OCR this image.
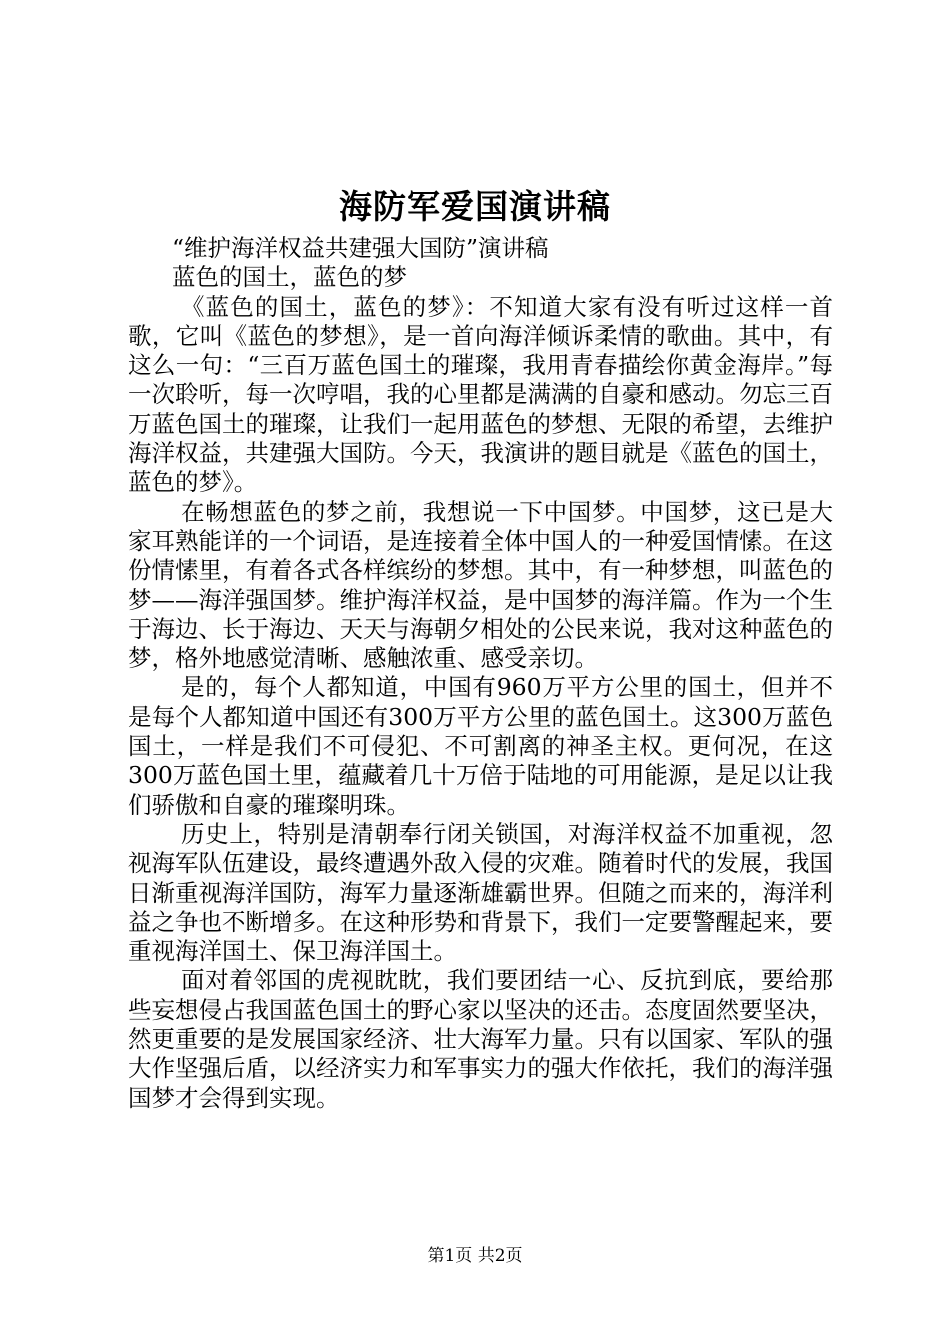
海防军爱国演讲稿

“维护海洋权益共建强大国防”演讲稿

蓝色的国土，蓝色的梦

《蓝色的国土，蓝色的梦》：不知道大家有没有听过这样一首歌，它叫《蓝色的梦想》，是一首向海洋倾诉柔情的歌曲。其中，有这么一句：“三百万蓝色国土的璀璨，我用青春描绘你黄金海岸。”每一次聆听，每一次哼唱，我的心里都是满满的自豪和感动。勿忘三百万蓝色国土的璀璨，让我们一起用蓝色的梦想、无限的希望，去维护海洋权益，共建强大国防。今天，我演讲的题目就是《蓝色的国土，蓝色的梦》。

在畅想蓝色的梦之前，我想说一下中国梦。中国梦，这已是大家耳熟能详的一个词语，是连接着全体中国人的一种爱国情愫。在这份情愫里，有着各式各样缤纷的梦想。其中，有一种梦想，叫蓝色的梦——海洋强国梦。维护海洋权益，是中国梦的海洋篇。作为一个生于海边、长于海边、天天与海朝夕相处的公民来说，我对这种蓝色的梦，格外地感觉清晰、感触浓重、感受亲切。

是的，每个人都知道，中国有960万平方公里的国土，但并不是每个人都知道中国还有300万平方公里的蓝色国土。这300万蓝色国土，一样是我们不可侵犯、不可割离的神圣主权。更何况，在这300万蓝色国土里，蕴藏着几十万倍于陆地的可用能源，是足以让我们骄傲和自豪的璀璨明珠。

历史上，特别是清朝奉行闭关锁国，对海洋权益不加重视，忽视海军队伍建设，最终遭遇外敌入侵的灾难。随着时代的发展，我国日渐重视海洋国防，海军力量逐渐雄霸世界。但随之而来的，海洋利益之争也不断增多。在这种形势和背景下，我们一定要警醒起来，要重视海洋国土、保卫海洋国土。

面对着邻国的虎视眈眈，我们要团结一心、反抗到底，要给那些妄想侵占我国蓝色国土的野心家以坚决的还击。态度固然要坚决，然更重要的是发展国家经济、壮大海军力量。只有以国家、军队的强大作坚强后盾，以经济实力和军事实力的强大作依托，我们的海洋强国梦才会得到实现。

第1页 共2页
